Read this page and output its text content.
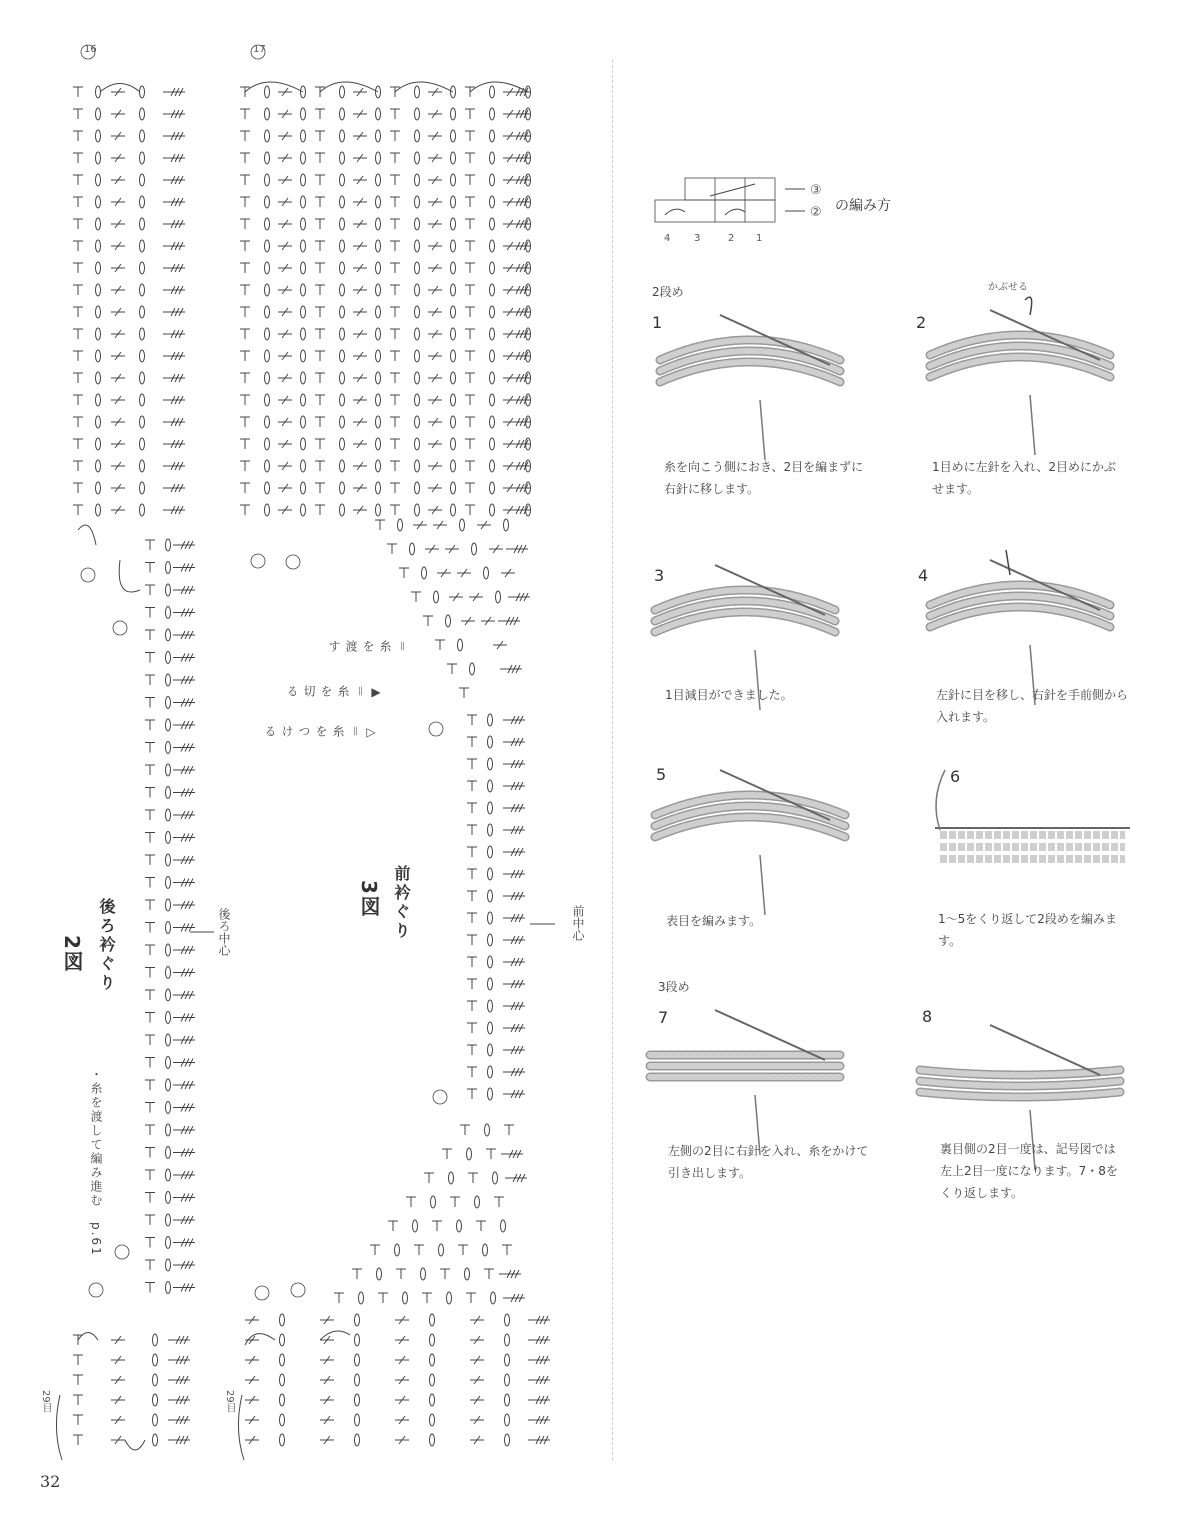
2図 後ろ衿ぐり	後ろ中心
・糸を渡して編み進む　p.61
29目
16
3図 前衿ぐり	前中心
29目
17
▷＝糸をつける
▶＝糸を切る
＝糸を渡す
32
の編み方
③
②
4 3	2 1
2段め
3段め
1	2
3	4
5	6
7	8
かぶせる
糸を向こう側におき、2目を編まずに右針に移します。
1目めに左針を入れ、2目めにかぶせます。
1目減目ができました。	左針に目を移し、右針を手前側から入れます。
表目を編みます。	1〜5をくり返して2段めを編みます。
左側の2目に右針を入れ、糸をかけて引き出します。
裏目側の2目一度は、記号図では左上2目一度になります。7・8をくり返します。
